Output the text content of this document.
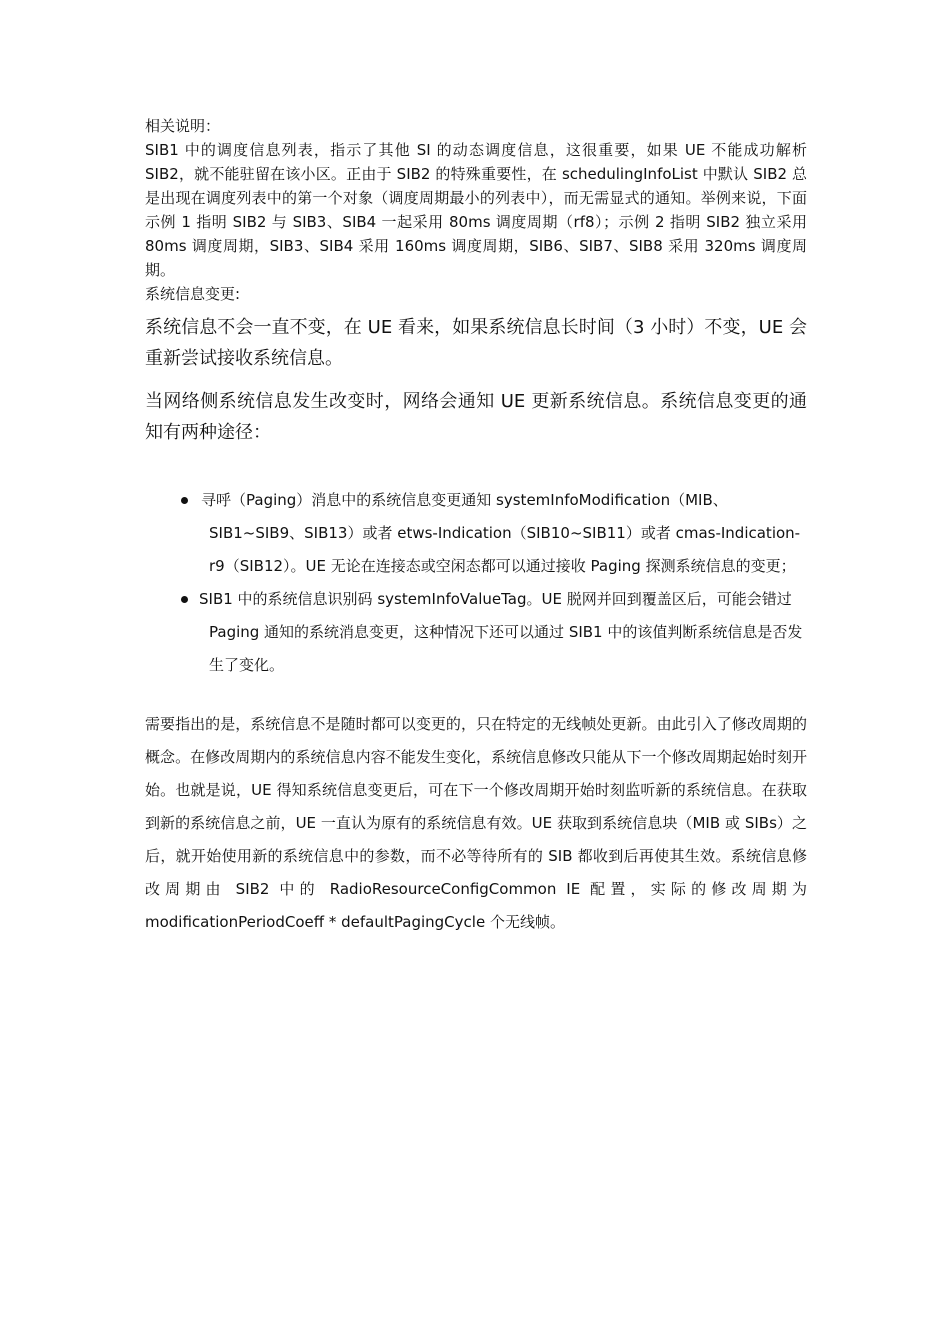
相关说明：

SIB1 中的调度信息列表，指示了其他 SI 的动态调度信息，这很重要，如果 UE 不能成功解析 SIB2，就不能驻留在该小区。正由于 SIB2 的特殊重要性，在 schedulingInfoList 中默认 SIB2 总是出现在调度列表中的第一个对象（调度周期最小的列表中），而无需显式的通知。举例来说，下面示例 1 指明 SIB2 与 SIB3、SIB4 一起采用 80ms 调度周期（rf8）；示例 2 指明 SIB2 独立采用 80ms 调度周期，SIB3、SIB4 采用 160ms 调度周期，SIB6、SIB7、SIB8 采用 320ms 调度周期。

系统信息变更:

系统信息不会一直不变，在 UE 看来，如果系统信息长时间（3 小时）不变，UE 会重新尝试接收系统信息。

当网络侧系统信息发生改变时，网络会通知 UE 更新系统信息。系统信息变更的通知有两种途径：

寻呼（Paging）消息中的系统信息变更通知 systemInfoModification（MIB、SIB1~SIB9、SIB13）或者 etws-Indication（SIB10~SIB11）或者 cmas-Indication-r9（SIB12）。UE 无论在连接态或空闲态都可以通过接收 Paging 探测系统信息的变更；
SIB1 中的系统信息识别码 systemInfoValueTag。UE 脱网并回到覆盖区后，可能会错过 Paging 通知的系统消息变更，这种情况下还可以通过 SIB1 中的该值判断系统信息是否发生了变化。

需要指出的是，系统信息不是随时都可以变更的，只在特定的无线帧处更新。由此引入了修改周期的概念。在修改周期内的系统信息内容不能发生变化，系统信息修改只能从下一个修改周期起始时刻开始。也就是说，UE 得知系统信息变更后，可在下一个修改周期开始时刻监听新的系统信息。在获取到新的系统信息之前，UE 一直认为原有的系统信息有效。UE 获取到系统信息块（MIB 或 SIBs）之后，就开始使用新的系统信息中的参数，而不必等待所有的 SIB 都收到后再使其生效。系统信息修改周期由 SIB2 中的 RadioResourceConfigCommon IE 配置，实际的修改周期为 modificationPeriodCoeff * defaultPagingCycle 个无线帧。
